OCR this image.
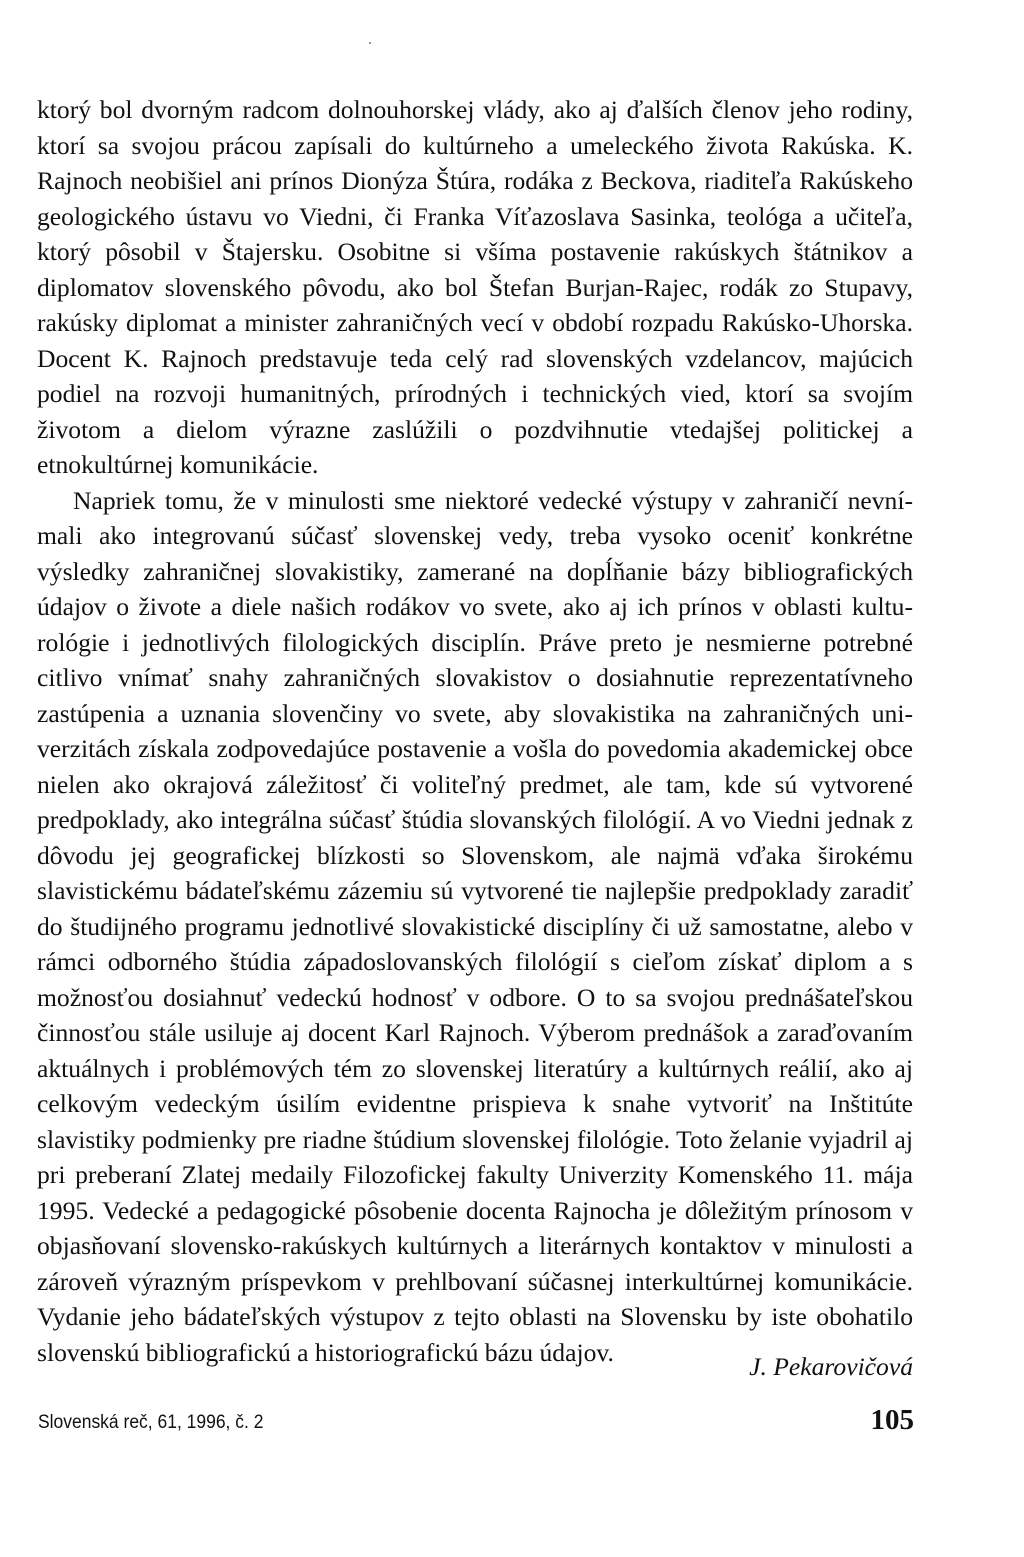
ktorý bol dvorným radcom dolnouhorskej vlády, ako aj ďalších členov jeho rodiny, ktorí sa svojou prácou zapísali do kultúrneho a umeleckého života Rakúska. K. Rajnoch neobišiel ani prínos Dionýza Štúra, rodáka z Beckova, riaditeľa Rakúskeho geologického ústavu vo Viedni, či Franka Víťazoslava Sasinka, teológa a učiteľa, ktorý pôsobil v Štajersku. Osobitne si všíma postavenie rakúskych štátnikov a diplomatov slovenského pôvodu, ako bol Štefan Burjan-Rajec, rodák zo Stupavy, rakúsky diplomat a minister zahraničných vecí v období rozpadu Rakúsko-Uhorska. Docent K. Rajnoch predstavuje teda celý rad slovenských vzdelancov, majúcich podiel na rozvoji humanitných, prírodných i technických vied, ktorí sa svojím životom a dielom výrazne zaslúžili o pozdvihnutie vtedajšej politickej a etnokultúrnej komunikácie.

Napriek tomu, že v minulosti sme niektoré vedecké výstupy v zahraničí nevnímali ako integrovanú súčasť slovenskej vedy, treba vysoko oceniť konkrétne výsledky zahraničnej slovakistiky, zamerané na dopĺňanie bázy bibliografických údajov o živote a diele našich rodákov vo svete, ako aj ich prínos v oblasti kulturológie i jednotlivých filologických disciplín. Práve preto je nesmierne potrebné citlivo vnímať snahy zahraničných slovakistov o dosiahnutie reprezentatívneho zastúpenia a uznania slovenčiny vo svete, aby slovakistika na zahraničných univerzitách získala zodpovedajúce postavenie a vošla do povedomia akademickej obce nielen ako okrajová záležitosť či voliteľný predmet, ale tam, kde sú vytvorené predpoklady, ako integrálna súčasť štúdia slovanských filológií. A vo Viedni jednak z dôvodu jej geografickej blízkosti so Slovenskom, ale najmä vďaka širokému slavistickému bádateľskému zázemiu sú vytvorené tie najlepšie predpoklady zaradiť do študijného programu jednotlivé slovakistické disciplíny či už samostatne, alebo v rámci odborného štúdia západoslovanských filológií s cieľom získať diplom a s možnosťou dosiahnuť vedeckú hodnosť v odbore. O to sa svojou prednášateľskou činnosťou stále usiluje aj docent Karl Rajnoch. Výberom prednášok a zaraďovaním aktuálnych i problémových tém zo slovenskej literatúry a kultúrnych reálií, ako aj celkovým vedeckým úsilím evidentne prispieva k snahe vytvoriť na Inštitúte slavistiky podmienky pre riadne štúdium slovenskej filológie. Toto želanie vyjadril aj pri preberaní Zlatej medaily Filozofickej fakulty Univerzity Komenského 11. mája 1995. Vedecké a pedagogické pôsobenie docenta Rajnocha je dôležitým prínosom v objasňovaní slovensko-rakúskych kultúrnych a literárnych kontaktov v minulosti a zároveň výrazným príspevkom v prehlbovaní súčasnej interkultúrnej komunikácie. Vydanie jeho bádateľských výstupov z tejto oblasti na Slovensku by iste obohatilo slovenskú bibliografickú a historiografickú bázu údajov.	J. Pekarovičová
Slovenská reč, 61, 1996, č. 2	105
